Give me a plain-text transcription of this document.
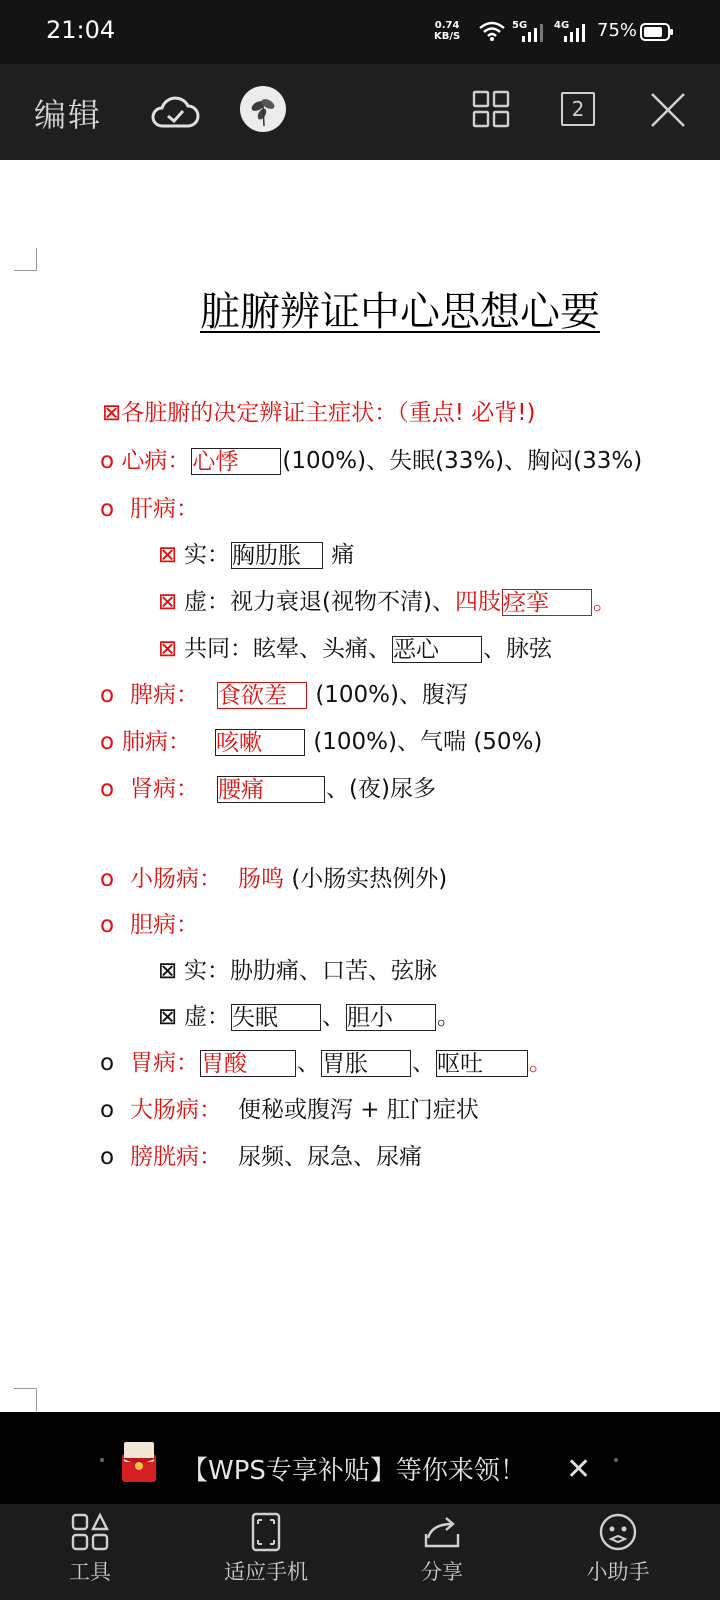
21:04	0.74
KB/S
5G	4G 75%
编辑	2
脏腑辨证中心思想心要
⊠各脏腑的决定辨证主症状：（重点! 必背!)
o 心病：心悸 (100%)、失眠(33%)、胸闷(33%)
o 肝病：
⊠ 实：胸肋胀 痛
⊠ 虚：视力衰退(视物不清)、四肢痉挛 。
⊠ 共同：眩晕、头痛、恶心 、脉弦
o 脾病： 食欲差 (100%)、腹泻
o 肺病： 咳嗽 (100%)、气喘 (50%)
o 肾病： 腰痛	、(夜)尿多
o 小肠病： 肠鸣 (小肠实热例外)
o 胆病：
⊠ 实：胁肋痛、口苦、弦脉
⊠ 虚：失眠 、胆小 。
o 胃病：胃酸 、胃胀 、呕吐 。
o 大肠病： 便秘或腹泻 + 肛门症状
o 膀胱病： 尿频、尿急、尿痛
【WPS专享补贴】等你来领！ ✕
工具	适应手机	分享	小助手
